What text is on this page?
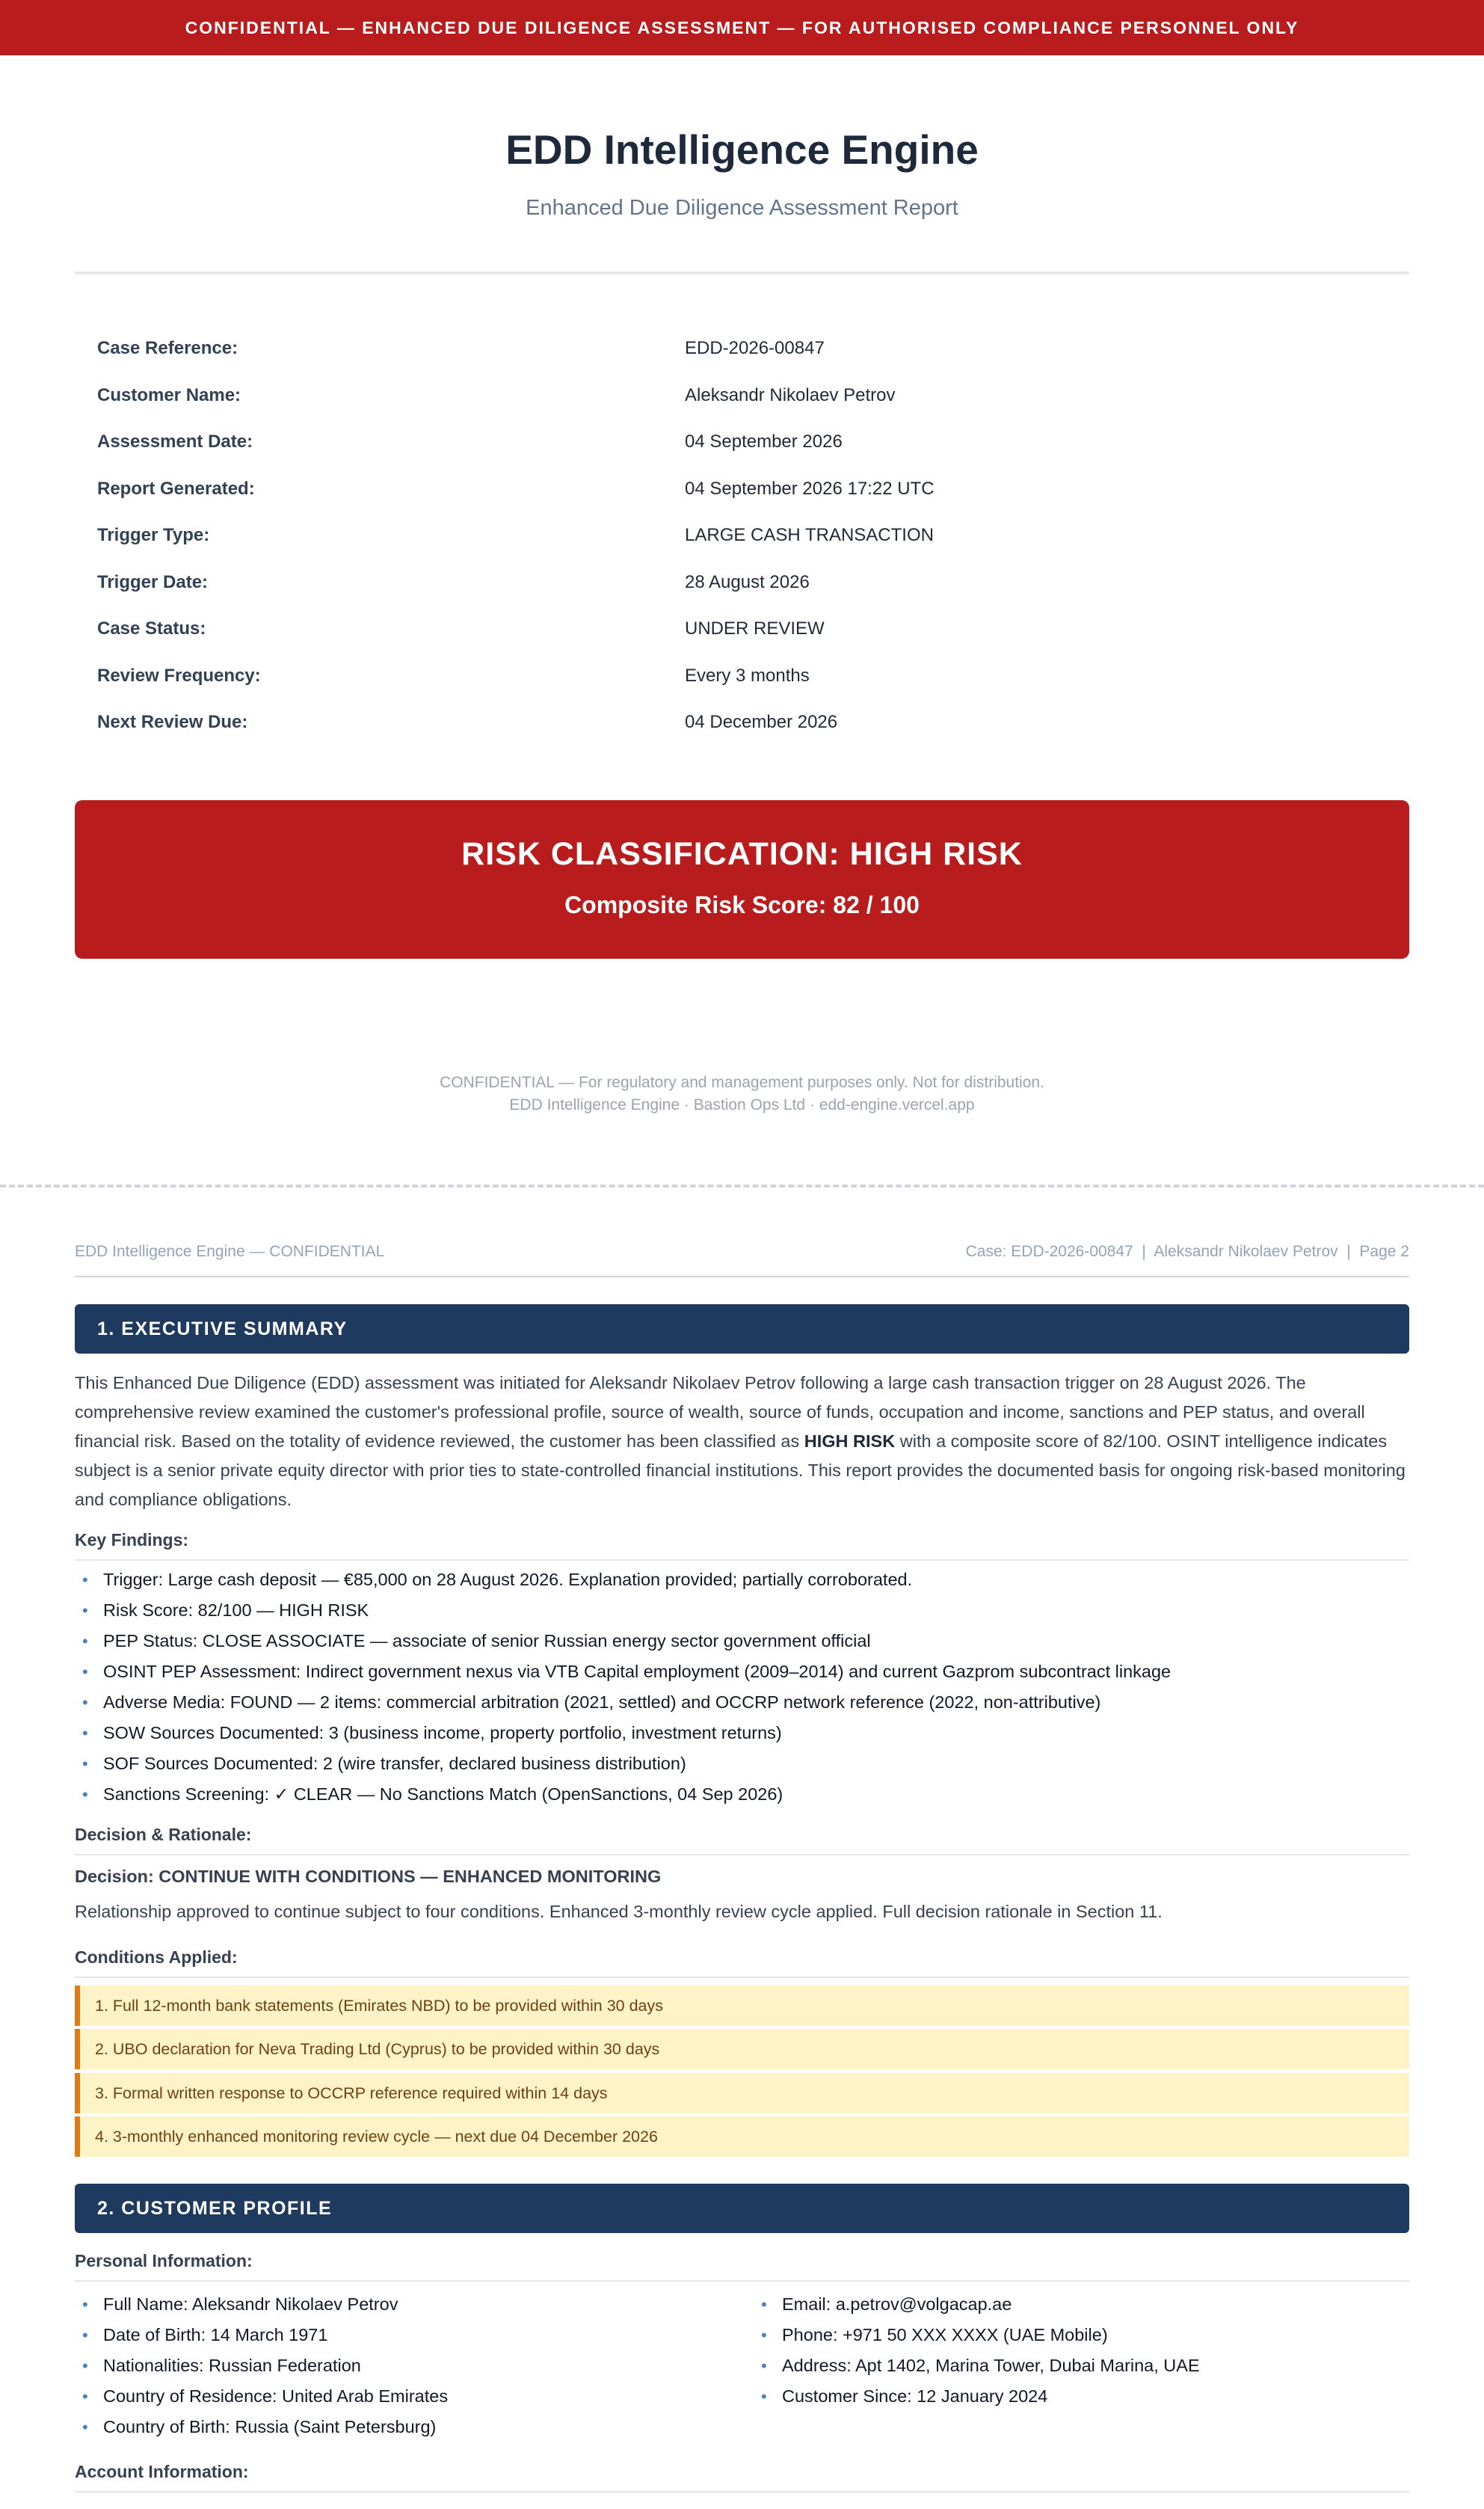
CONFIDENTIAL — ENHANCED DUE DILIGENCE ASSESSMENT — FOR AUTHORISED COMPLIANCE PERSONNEL ONLY
EDD Intelligence Engine
Enhanced Due Diligence Assessment Report
Case Reference:	EDD-2026-00847
Customer Name:	Aleksandr Nikolaev Petrov
Assessment Date:	04 September 2026
Report Generated:	04 September 2026 17:22 UTC
Trigger Type:	LARGE CASH TRANSACTION
Trigger Date:	28 August 2026
Case Status:	UNDER REVIEW
Review Frequency:	Every 3 months
Next Review Due:	04 December 2026
RISK CLASSIFICATION: HIGH RISK
Composite Risk Score: 82 / 100
CONFIDENTIAL — For regulatory and management purposes only. Not for distribution.
EDD Intelligence Engine · Bastion Ops Ltd · edd-engine.vercel.app
EDD Intelligence Engine — CONFIDENTIAL	Case: EDD-2026-00847  |  Aleksandr Nikolaev Petrov  |  Page 2
1. EXECUTIVE SUMMARY

This Enhanced Due Diligence (EDD) assessment was initiated for Aleksandr Nikolaev Petrov following a large cash transaction trigger on 28 August 2026. The comprehensive review examined the customer's professional profile, source of wealth, source of funds, occupation and income, sanctions and PEP status, and overall financial risk. Based on the totality of evidence reviewed, the customer has been classified as HIGH RISK with a composite score of 82/100. OSINT intelligence indicates subject is a senior private equity director with prior ties to state-controlled financial institutions. This report provides the documented basis for ongoing risk-based monitoring and compliance obligations.

Key Findings:
• Trigger: Large cash deposit — €85,000 on 28 August 2026. Explanation provided; partially corroborated.
• Risk Score: 82/100 — HIGH RISK
• PEP Status: CLOSE ASSOCIATE — associate of senior Russian energy sector government official
• OSINT PEP Assessment: Indirect government nexus via VTB Capital employment (2009–2014) and current Gazprom subcontract linkage
• Adverse Media: FOUND — 2 items: commercial arbitration (2021, settled) and OCCRP network reference (2022, non-attributive)
• SOW Sources Documented: 3 (business income, property portfolio, investment returns)
• SOF Sources Documented: 2 (wire transfer, declared business distribution)
• Sanctions Screening: ✓ CLEAR — No Sanctions Match (OpenSanctions, 04 Sep 2026)
Decision & Rationale:
Decision: CONTINUE WITH CONDITIONS — ENHANCED MONITORING

Relationship approved to continue subject to four conditions. Enhanced 3-monthly review cycle applied. Full decision rationale in Section 11.

Conditions Applied:
1. Full 12-month bank statements (Emirates NBD) to be provided within 30 days
2. UBO declaration for Neva Trading Ltd (Cyprus) to be provided within 30 days
3. Formal written response to OCCRP reference required within 14 days
4. 3-monthly enhanced monitoring review cycle — next due 04 December 2026
2. CUSTOMER PROFILE
Personal Information:
• Full Name: Aleksandr Nikolaev Petrov
• Date of Birth: 14 March 1971
• Nationalities: Russian Federation
• Country of Residence: United Arab Emirates
• Country of Birth: Russia (Saint Petersburg)
• Email: a.petrov@volgacap.ae
• Phone: +971 50 XXX XXXX (UAE Mobile)
• Address: Apt 1402, Marina Tower, Dubai Marina, UAE
• Customer Since: 12 January 2024
Account Information:
